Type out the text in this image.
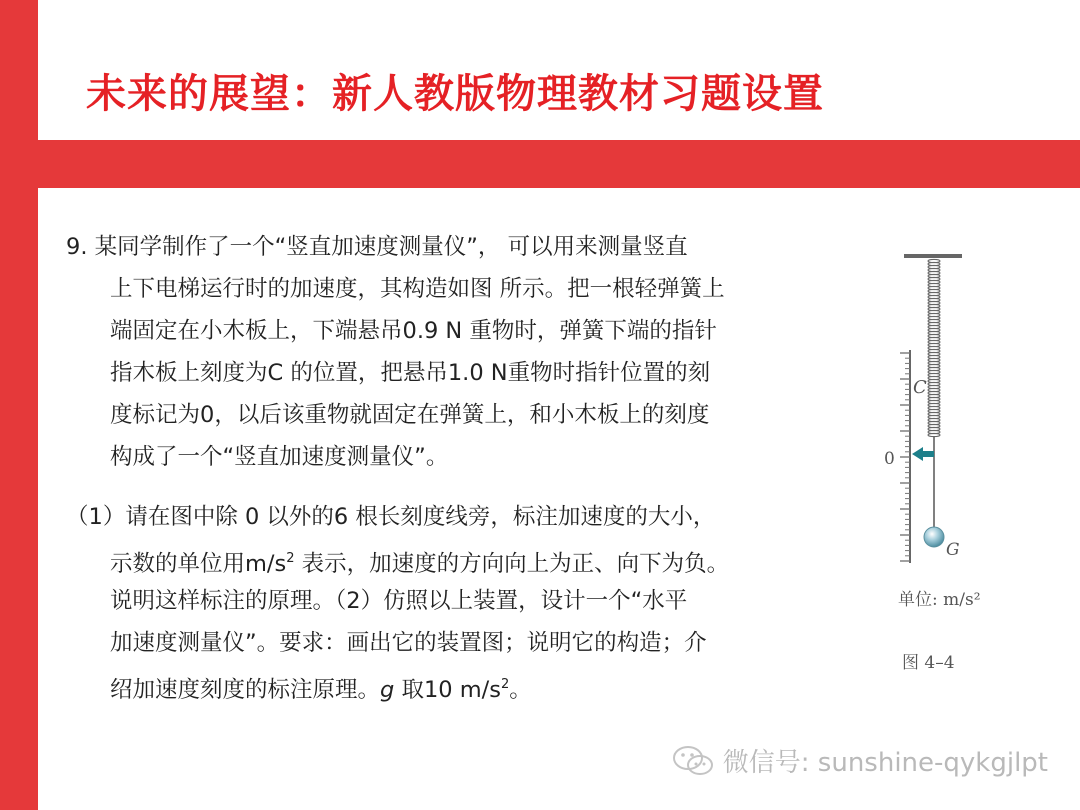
未来的展望：新人教版物理教材习题设置
9. 某同学制作了一个“竖直加速度测量仪”， 可以用来测量竖直
上下电梯运行时的加速度，其构造如图 所示。把一根轻弹簧上
端固定在小木板上，下端悬吊0.9 N 重物时，弹簧下端的指针
指木板上刻度为C 的位置，把悬吊1.0 N重物时指针位置的刻
度标记为0，以后该重物就固定在弹簧上，和小木板上的刻度
构成了一个“竖直加速度测量仪”。
（1）请在图中除 0 以外的6 根长刻度线旁，标注加速度的大小，
示数的单位用$m/s^2$ 表示，加速度的方向向上为正、向下为负。
说明这样标注的原理。（2）仿照以上装置，设计一个“水平
加速度测量仪”。要求：画出它的装置图；说明它的构造；介
绍加速度刻度的标注原理。g 取10 $m/s^2$。
C
0
G
单位: m/s²
图 4–4
微信号: sunshine-qykgjlpt
